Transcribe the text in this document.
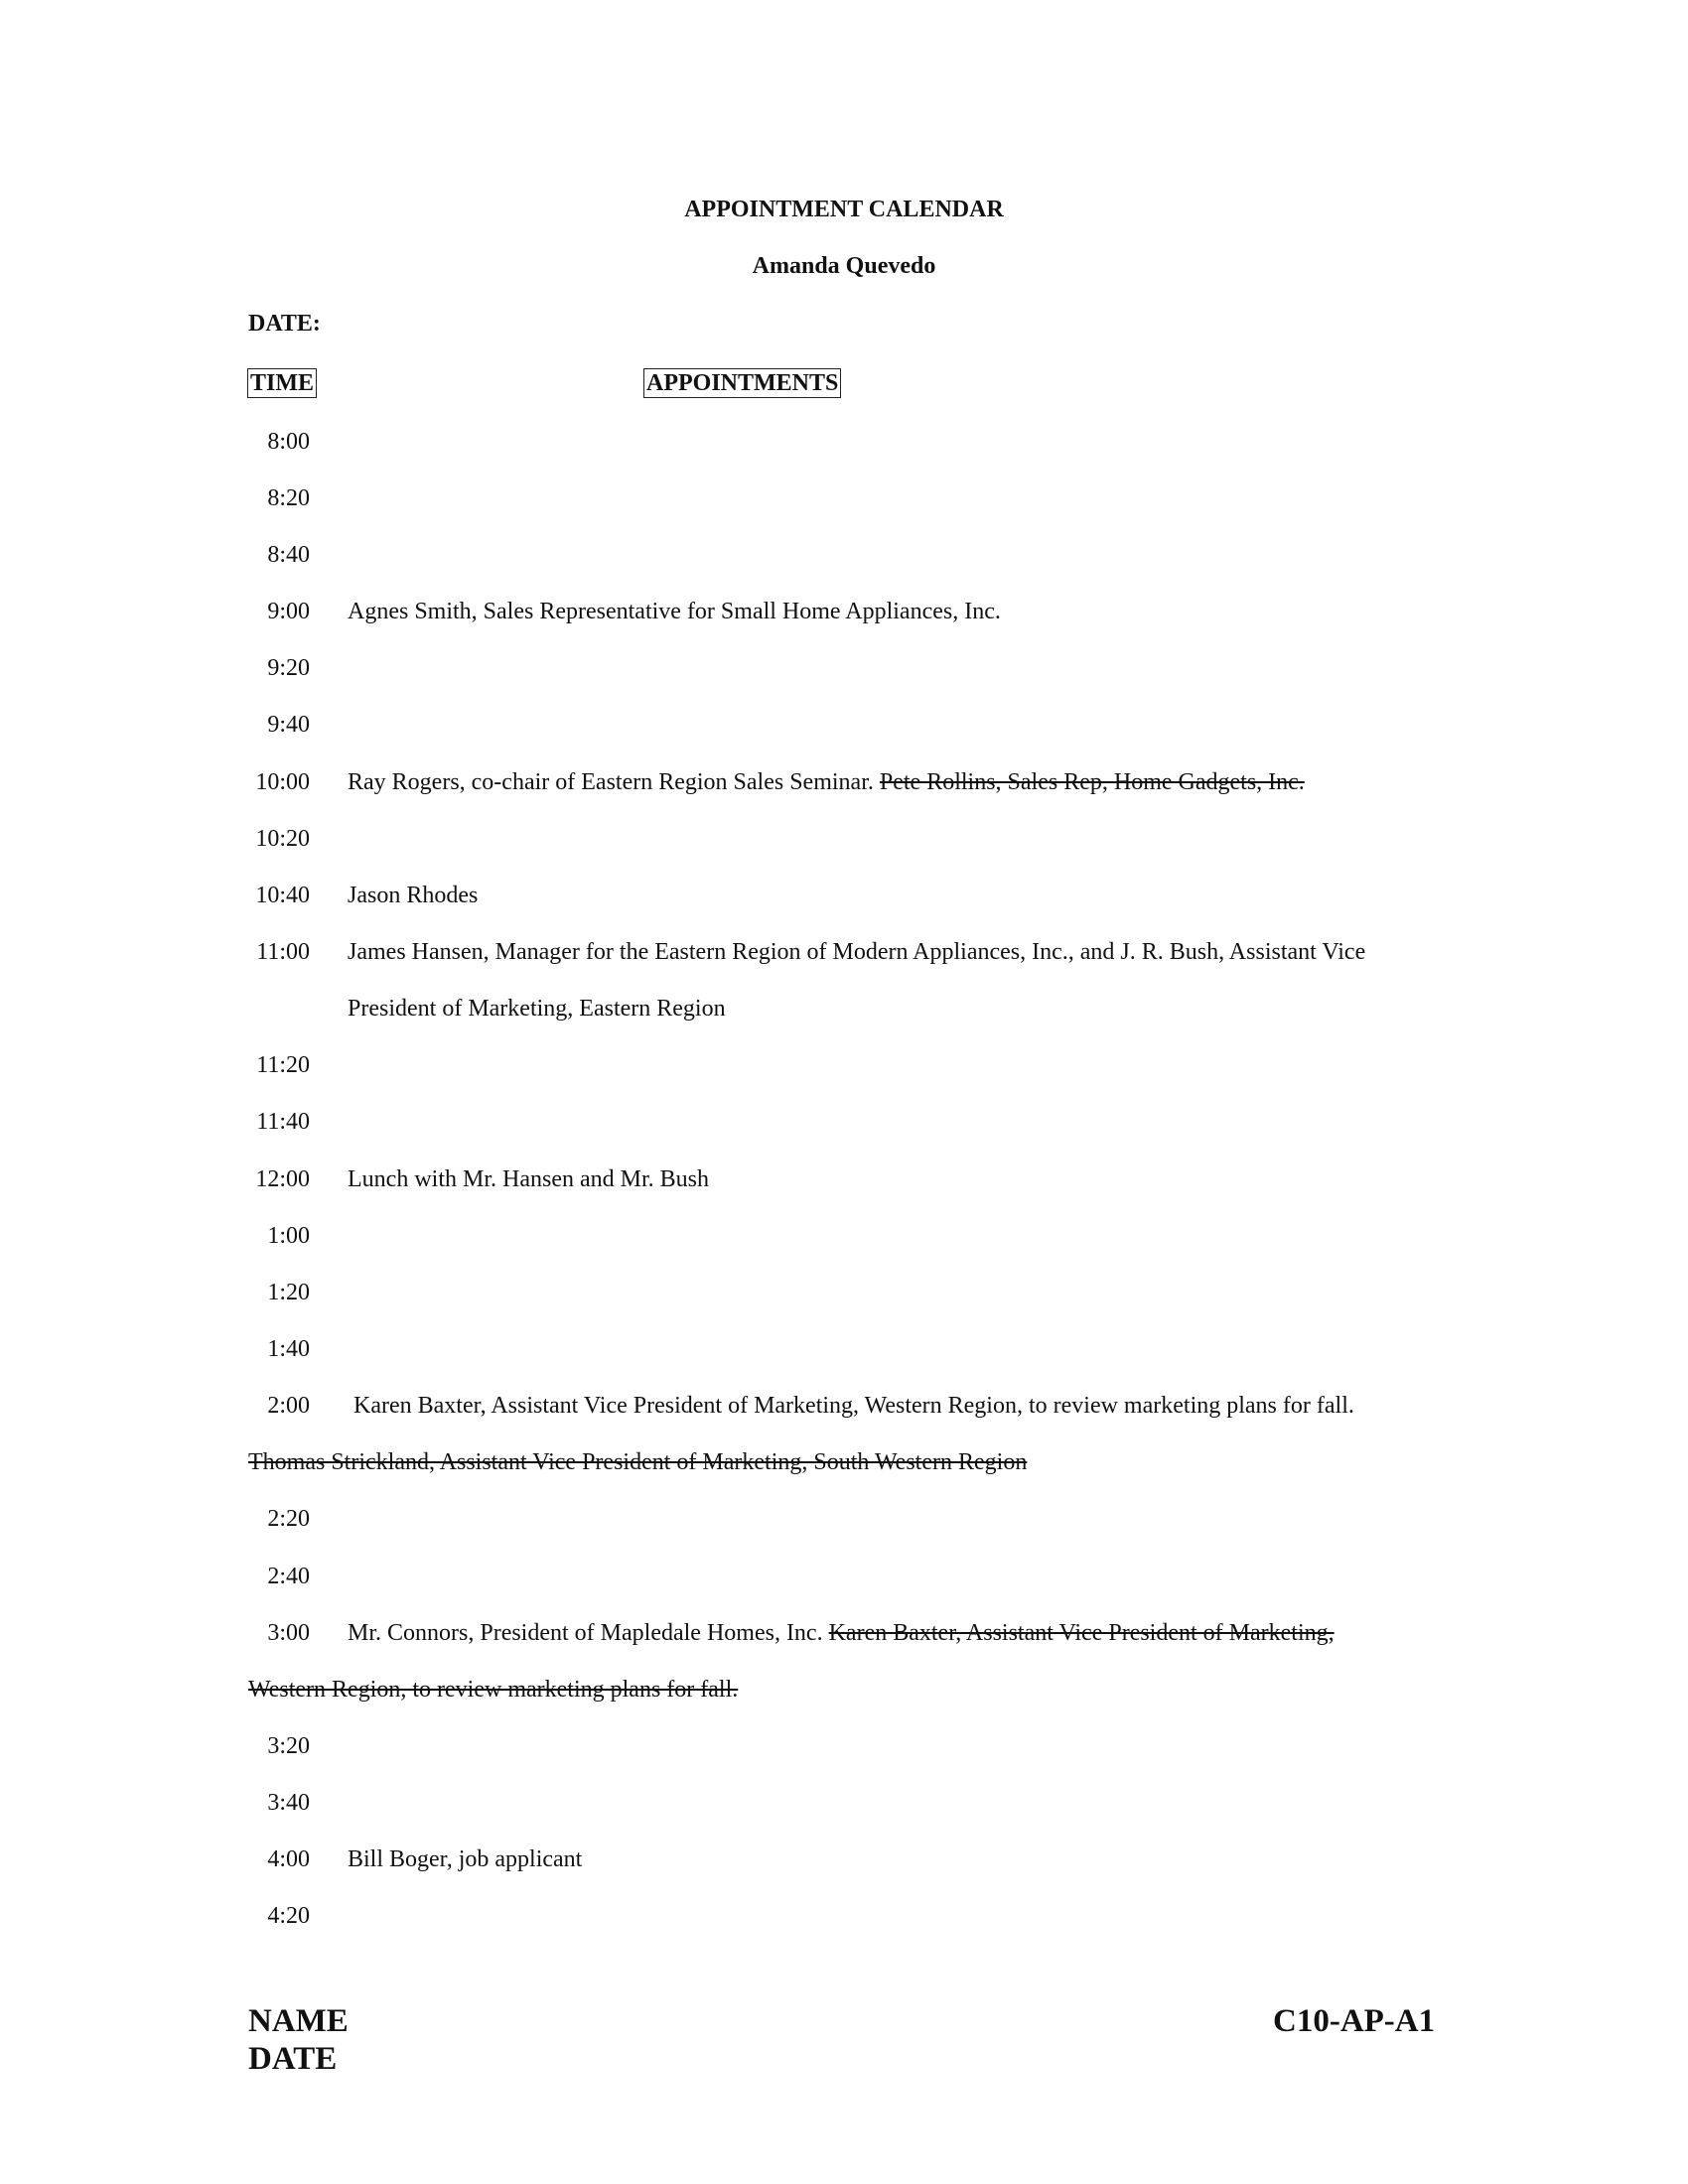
APPOINTMENT CALENDAR
Amanda Quevedo
DATE:
TIME	APPOINTMENTS
8:00
8:20
8:40
9:00 Agnes Smith, Sales Representative for Small Home Appliances, Inc.
9:20
9:40
10:00 Ray Rogers, co-chair of Eastern Region Sales Seminar. Pete Rollins, Sales Rep, Home Gadgets, Inc.
10:20
10:40 Jason Rhodes
11:00 James Hansen, Manager for the Eastern Region of Modern Appliances, Inc., and J. R. Bush, Assistant Vice
President of Marketing, Eastern Region
11:20
11:40
12:00 Lunch with Mr. Hansen and Mr. Bush
1:00
1:20
1:40
2:00 Karen Baxter, Assistant Vice President of Marketing, Western Region, to review marketing plans for fall.
Thomas Strickland, Assistant Vice President of Marketing, South Western Region
2:20
2:40
3:00 Mr. Connors, President of Mapledale Homes, Inc. Karen Baxter, Assistant Vice President of Marketing,
Western Region, to review marketing plans for fall.
3:20
3:40
4:00 Bill Boger, job applicant
4:20
NAME
DATE
C10-AP-A1
